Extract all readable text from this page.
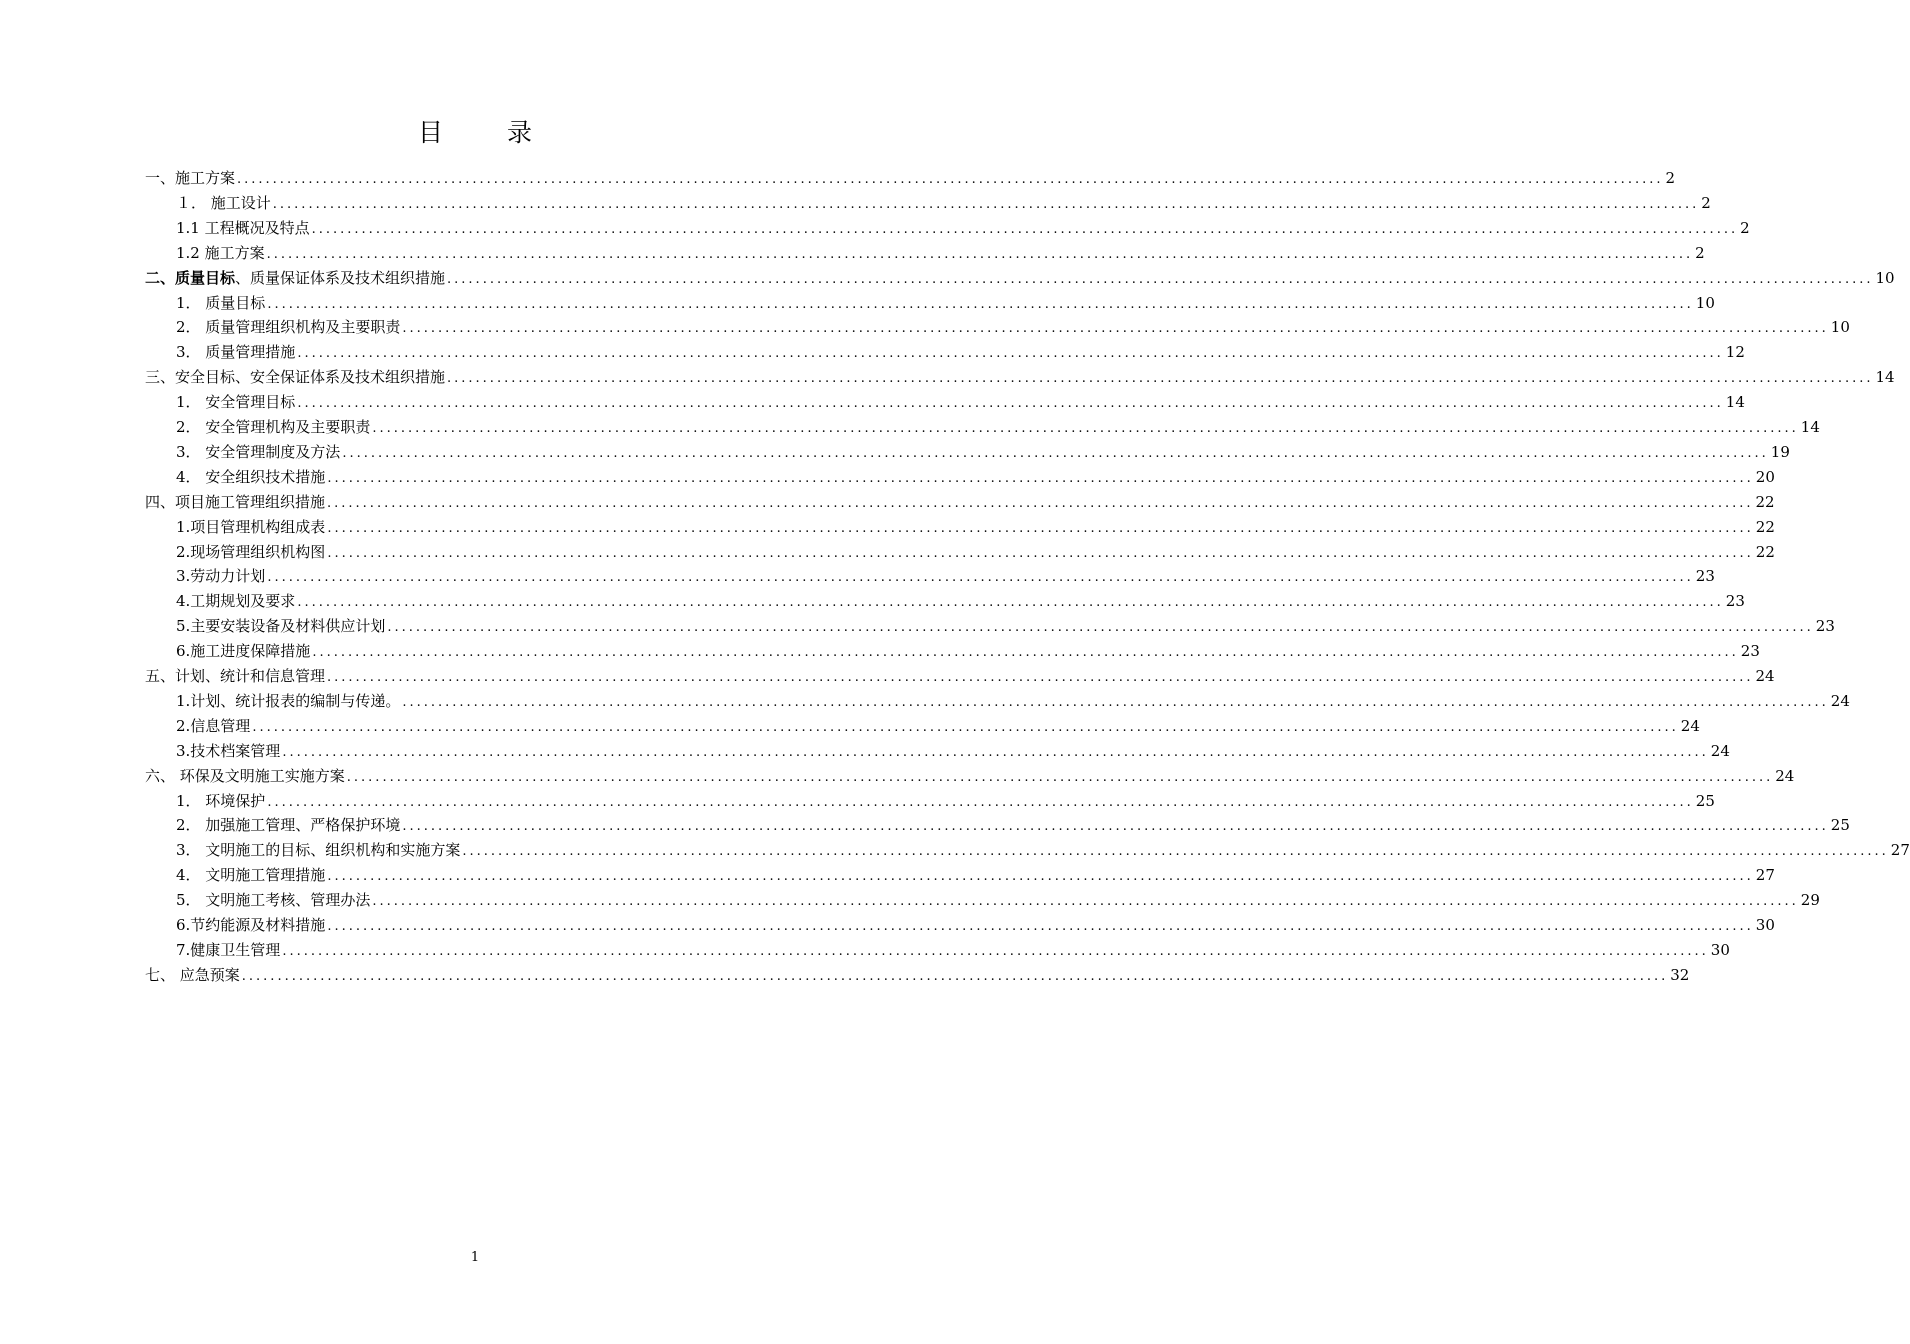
目 录
一、施工方案 ........................................................................................................................................................................................................ 2
１． 施工设计 ........................................................................................................................................................................................................ 2
1.1 工程概况及特点 ........................................................................................................................................................................................................ 2
1.2 施工方案 ........................................................................................................................................................................................................ 2
二、质量目标 、质量保证体系及技术组织措施 ........................................................................................................................................................................................................ 10
1． 质量目标 ........................................................................................................................................................................................................ 10
2． 质量管理组织机构及主要职责 ........................................................................................................................................................................................................ 10
3． 质量管理措施 ........................................................................................................................................................................................................ 12
三、安全目标、安全保证体系及技术组织措施 ........................................................................................................................................................................................................ 14
1． 安全管理目标 ........................................................................................................................................................................................................ 14
2． 安全管理机构及主要职责 ........................................................................................................................................................................................................ 14
3． 安全管理制度及方法 ........................................................................................................................................................................................................ 19
4． 安全组织技术措施 ........................................................................................................................................................................................................ 20
四、项目施工管理组织措施 ........................................................................................................................................................................................................ 22
1.项目管理机构组成表 ........................................................................................................................................................................................................ 22
2.现场管理组织机构图 ........................................................................................................................................................................................................ 22
3.劳动力计划 ........................................................................................................................................................................................................ 23
4.工期规划及要求 ........................................................................................................................................................................................................ 23
5.主要安装设备及材料供应计划 ........................................................................................................................................................................................................ 23
6.施工进度保障措施 ........................................................................................................................................................................................................ 23
五、计划、统计和信息管理 ........................................................................................................................................................................................................ 24
1.计划、统计报表的编制与传递。 ........................................................................................................................................................................................................ 24
2.信息管理 ........................................................................................................................................................................................................ 24
3.技术档案管理 ........................................................................................................................................................................................................ 24
六、 环保及文明施工实施方案 ........................................................................................................................................................................................................ 24
1． 环境保护 ........................................................................................................................................................................................................ 25
2． 加强施工管理、严格保护环境 ........................................................................................................................................................................................................ 25
3． 文明施工的目标、组织机构和实施方案 ........................................................................................................................................................................................................ 27
4． 文明施工管理措施 ........................................................................................................................................................................................................ 27
5． 文明施工考核、管理办法 ........................................................................................................................................................................................................ 29
6.节约能源及材料措施 ........................................................................................................................................................................................................ 30
7.健康卫生管理 ........................................................................................................................................................................................................ 30
七、 应急预案 ........................................................................................................................................................................................................ 32
1
